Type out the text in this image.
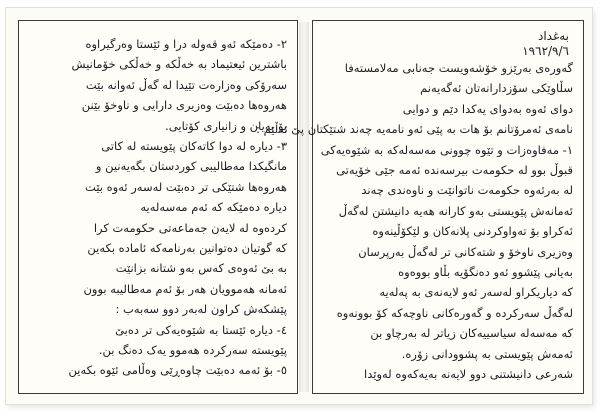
٢- دەمێکە ئەو قەولە درا و ئێستا وەرگیراوە
باشترین ئیعتیماد بە خەڵکە و خەڵکی خۆمانیش
سەرۆکی وەزارەت تێیدا لە گەڵ ئەوانە بێت
هەروەها دەبێت وەزیری دارایی و ناوخۆ بێنن
بۆ بەیان و زانیاری کۆتایی.
٣- دیارە لە دوا کاتەکان پێویستە لە کاتی
مانگیکدا مەطالیبی کوردستان بگەیەنین و
هەروەها شتێکی تر دەبێت لەسەر ئەوە بێت
دیارە دەمێکە کە ئەم مەسەلەیە
کردەوە لە لایەن جەماعەتی حکومەت کرا
کە گوتیان دەتوانین بەرنامەکە ئامادە بکەین
بە بێ ئەوەی کەس بەو شتانە بزانێت
ئەمانە هەموویان هەر بۆ ئەم مەطالیبە بوون
پێشکەش کراون لەبەر دوو سەبەب :
٤- دیارە ئێستا بە شێوەیەکی تر دەبێ
پێویستە سەرکرده هەموو یەک دەنگ بن.
٥- بۆ ئەمە دەبێت چاوەڕێی وەڵامی ئێوە بکەین
بەغداد
١٩٦٢/٩/٦
گەورەی بەرێزو خۆشەویست جەنابی مەلامستەفا
سڵاوێکی سۆزدارانەتان ئەگەیەنم
دوای ئەوە بەدوای یەکدا دێم و دوایی
نامەی ئەمرۆتانم بۆ هات بە پێی ئەو نامەیە چەند شتێکتان پێ ئەڵێم :
١- مەفاوەزات و تێوە چوونی مەسەلەکە بە شێوەیەکی
قبوڵ بوو لە حکومەت بیرسەندە ئەمە جێی خۆیەتی
لە بەرئەوە حکومەت ناتوانێت و ناوەندی چەند
ئەمانەش پێویستی بەو کارانە هەیە دانیشتن لەگەڵ
ئەکراو بۆ تەواوکردنی پلانەکان و لێکۆڵینەوە
وەزیری ناوخۆ و شتەکانی تر لەگەڵ بەرپرسان
بەیانی پێشوو ئەو دەنگۆیە بڵاو بووەوە
کە دیاریکراو لەسەر ئەو لایەنەی بە پەلەیە
لەگەڵ سەرکردە و گەورەکانی ناوچەکە کۆ بوونەوە
کە مەسەلە سیاسییەکان زیاتر لە بەرچاو بن
ئەمەش پێویستی بە پشوودانی زۆرە.
شەرعی دانیشتنی دوو لایەنە بەیەکەوە لەوێدا
